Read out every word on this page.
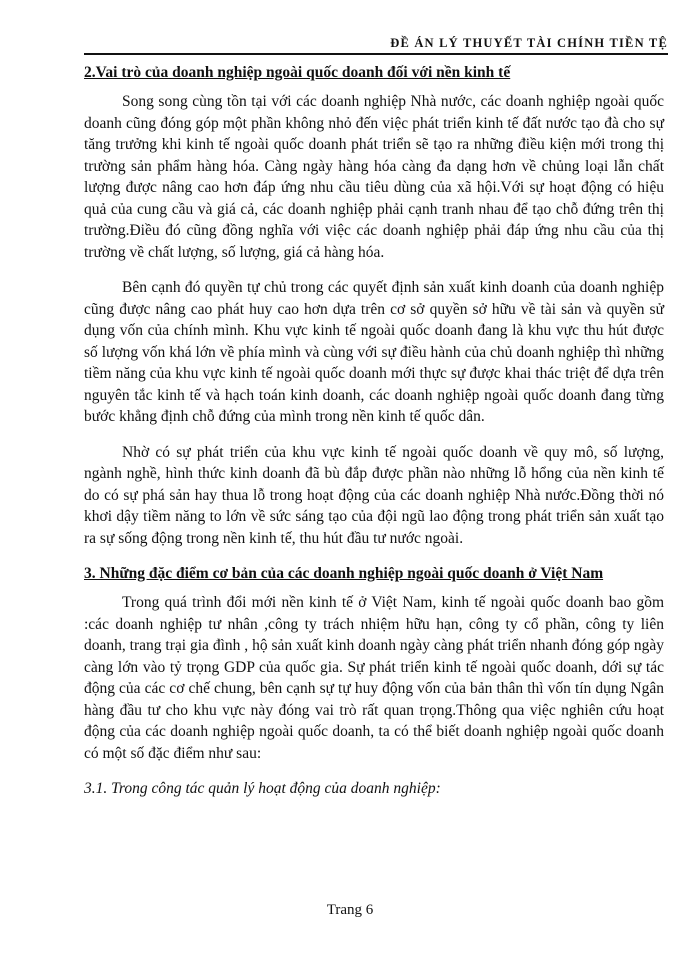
ĐỀ ÁN LÝ THUYẾT TÀI CHÍNH TIỀN TỆ
2.Vai trò của doanh nghiệp ngoài quốc doanh đối với nền kinh tế

Song song cùng tồn tại với các doanh nghiệp Nhà nước, các doanh nghiệp ngoài quốc doanh cũng đóng góp một phần không nhỏ đến việc phát triển kinh tế đất nước tạo đà cho sự tăng trưởng khi kinh tế ngoài quốc doanh phát triển sẽ tạo ra những điều kiện mới trong thị trường sản phẩm hàng hóa. Càng ngày hàng hóa càng đa dạng hơn về chủng loại lẫn chất lượng được nâng cao hơn đáp ứng nhu cầu tiêu dùng của xã hội.Với sự hoạt động có hiệu quả của cung cầu và giá cả, các doanh nghiệp phải cạnh tranh nhau để tạo chỗ đứng trên thị trường.Điều đó cũng đồng nghĩa với việc các doanh nghiệp phải đáp ứng nhu cầu của thị trường về chất lượng, số lượng, giá cả hàng hóa.

Bên cạnh đó quyền tự chủ trong các quyết định sản xuất kinh doanh của doanh nghiệp cũng được nâng cao phát huy cao hơn dựa trên cơ sở quyền sở hữu về tài sản và quyền sử dụng vốn của chính mình. Khu vực kinh tế ngoài quốc doanh đang là khu vực thu hút được số lượng vốn khá lớn về phía mình và cùng với sự điều hành của chủ doanh nghiệp thì những tiềm năng của khu vực kinh tế ngoài quốc doanh mới thực sự được khai thác triệt để dựa trên nguyên tắc kinh tế và hạch toán kinh doanh, các doanh nghiệp ngoài quốc doanh đang từng bước khẳng định chỗ đứng của mình trong nền kinh tế quốc dân.

Nhờ có sự phát triển của khu vực kinh tế ngoài quốc doanh về quy mô, số lượng, ngành nghề, hình thức kinh doanh đã bù đắp được phần nào những lỗ hổng của nền kinh tế do có sự phá sản hay thua lỗ trong hoạt động của các doanh nghiệp Nhà nước.Đồng thời nó khơi dậy tiềm năng to lớn về sức sáng tạo của đội ngũ lao động trong phát triển sản xuất tạo ra sự sống động trong nền kinh tế, thu hút đầu tư nước ngoài.

3. Những đặc điểm cơ bản của các doanh nghiệp ngoài quốc doanh ở Việt Nam

Trong quá trình đổi mới nền kinh tế ở Việt Nam, kinh tế ngoài quốc doanh bao gồm :các doanh nghiệp tư nhân ,công ty trách nhiệm hữu hạn, công ty cổ phần, công ty liên doanh, trang trại gia đình , hộ sản xuất kinh doanh ngày càng phát triển nhanh đóng góp ngày càng lớn vào tỷ trọng GDP của quốc gia. Sự phát triển kinh tế ngoài quốc doanh, dới sự tác động của các cơ chế chung, bên cạnh sự tự huy động vốn của bản thân thì vốn tín dụng Ngân hàng đầu tư cho khu vực này đóng vai trò rất quan trọng.Thông qua việc nghiên cứu hoạt động của các doanh nghiệp ngoài quốc doanh, ta có thể biết doanh nghiệp ngoài quốc doanh có một số đặc điểm như sau:

3.1. Trong công tác quản lý hoạt động của doanh nghiệp:
Trang 6
